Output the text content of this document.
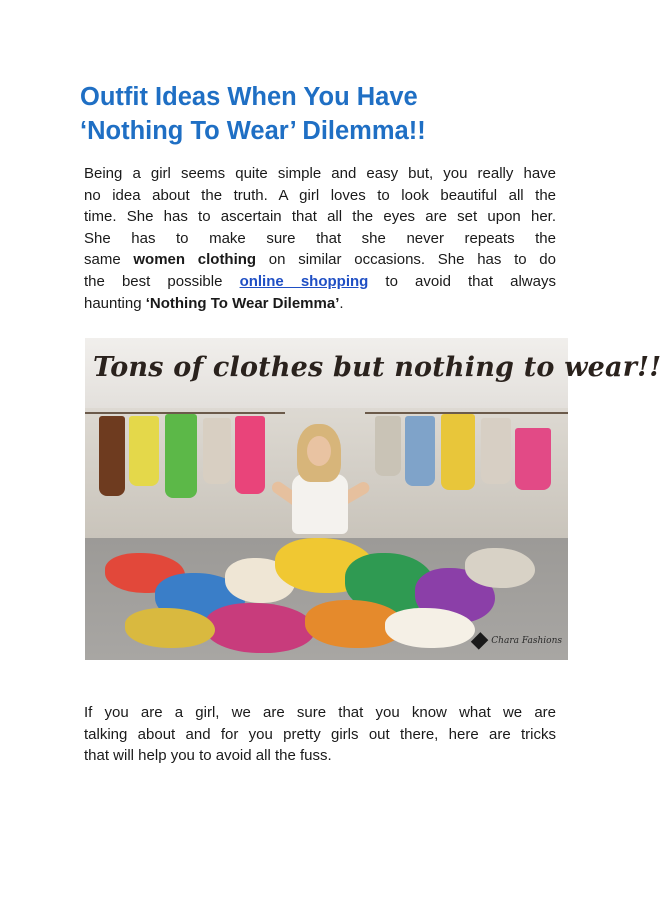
Outfit Ideas When You Have
‘Nothing To Wear’ Dilemma!!

Being a girl seems quite simple and easy but, you really have
no idea about the truth. A girl loves to look beautiful all the
time. She has to ascertain that all the eyes are set upon her.
She has to make sure that she never repeats the
same women clothing on similar occasions. She has to do
the best possible online shopping to avoid that always
haunting ‘Nothing To Wear Dilemma’.

Tons of clothes but nothing to wear!!
Chara Fashions

If you are a girl, we are sure that you know what we are
talking about and for you pretty girls out there, here are tricks
that will help you to avoid all the fuss.
